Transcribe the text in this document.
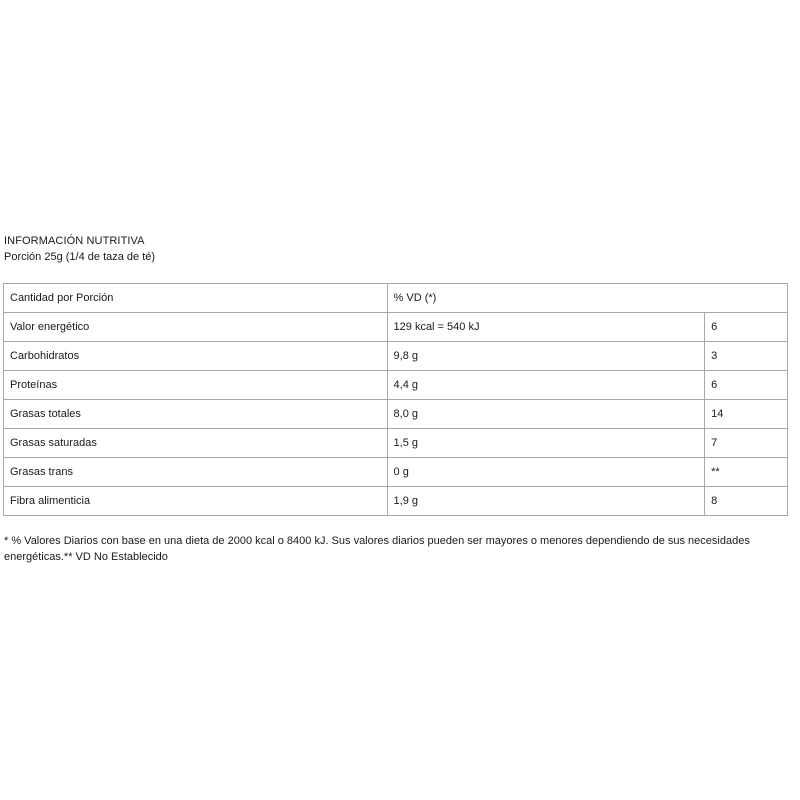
INFORMACIÓN NUTRITIVA

Porción 25g (1/4 de taza de té)

Cantidad por Porción	% VD (*)	
Valor energético	129 kcal = 540 kJ	6
Carbohidratos	9,8 g	3
Proteínas	4,4 g	6
Grasas totales	8,0 g	14
Grasas saturadas	1,5 g	7
Grasas trans	0 g	**
Fibra alimenticia	1,9 g	8

* % Valores Diarios con base en una dieta de 2000 kcal o 8400 kJ. Sus valores diarios pueden ser mayores o menores dependiendo de sus necesidades energéticas.** VD No Establecido
